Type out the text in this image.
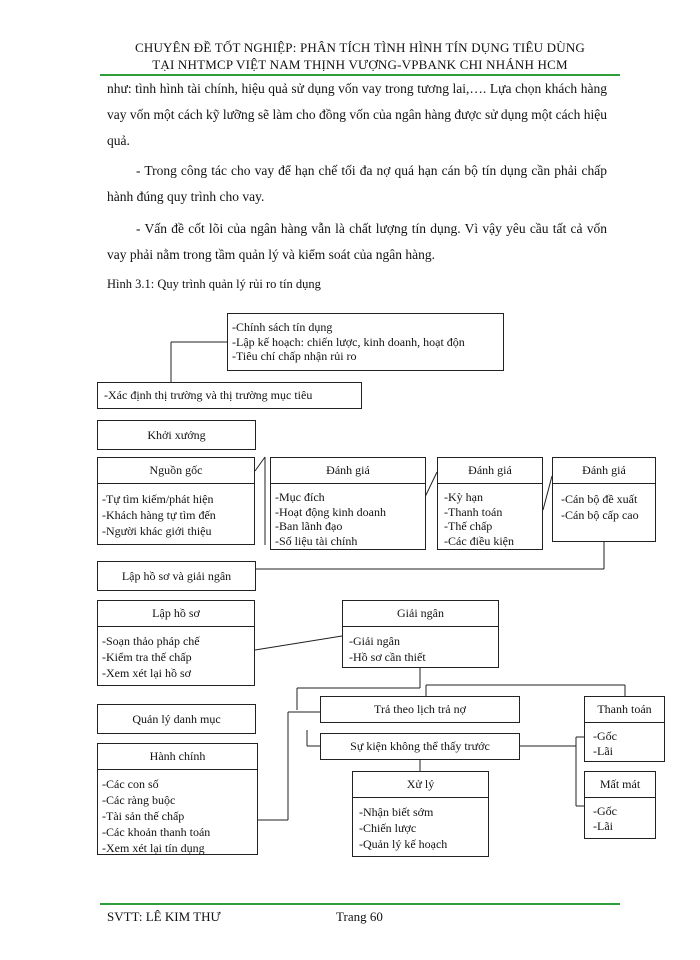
CHUYÊN ĐỀ TỐT NGHIỆP: PHÂN TÍCH TÌNH HÌNH TÍN DỤNG TIÊU DÙNG
TẠI NHTMCP VIỆT NAM THỊNH VƯỢNG-VPBANK CHI NHÁNH HCM

như: tình hình tài chính, hiệu quả sử dụng vốn vay trong tương lai,…. Lựa chọn khách hàng vay vốn một cách kỹ lưỡng sẽ làm cho đồng vốn của ngân hàng được sử dụng một cách hiệu quả.

- Trong công tác cho vay để hạn chế tối đa nợ quá hạn cán bộ tín dụng cần phải chấp hành đúng quy trình cho vay.

- Vấn đề cốt lõi của ngân hàng vẫn là chất lượng tín dụng. Vì vậy yêu cầu tất cả vốn vay phải nằm trong tầm quản lý và kiểm soát của ngân hàng.

Hình 3.1: Quy trình quản lý rủi ro tín dụng
-Chính sách tín dụng
-Lập kế hoạch: chiến lược, kinh doanh, hoạt độn
-Tiêu chí chấp nhận rủi ro
-Xác định thị trường và thị trường mục tiêu
Khởi xướng
Nguồn gốc
-Tự tìm kiếm/phát hiện
-Khách hàng tự tìm đến
-Người khác giới thiệu
Đánh giá
-Mục đích
-Hoạt động kinh doanh
-Ban lãnh đạo
-Số liệu tài chính
Đánh giá
-Kỳ hạn
-Thanh toán
-Thế chấp
-Các điều kiện
Đánh giá
-Cán bộ đề xuất
-Cán bộ cấp cao
Lập hồ sơ và giải ngân
Lập hồ sơ
-Soạn thảo pháp chế
-Kiểm tra thế chấp
-Xem xét lại hồ sơ
Giải ngân
-Giải ngân
-Hồ sơ cần thiết
Quản lý danh mục
Hành chính
-Các con số
-Các ràng buộc
-Tài sản thế chấp
-Các khoản thanh toán
-Xem xét lại tín dụng
Trả theo lịch trả nợ
Sự kiện không thể thấy trước
Xử lý
-Nhận biết sớm
-Chiến lược
-Quản lý kế hoạch
Thanh toán
-Gốc
-Lãi
Mất mát
-Gốc
-Lãi
SVTT: LÊ KIM THƯ	Trang 60
